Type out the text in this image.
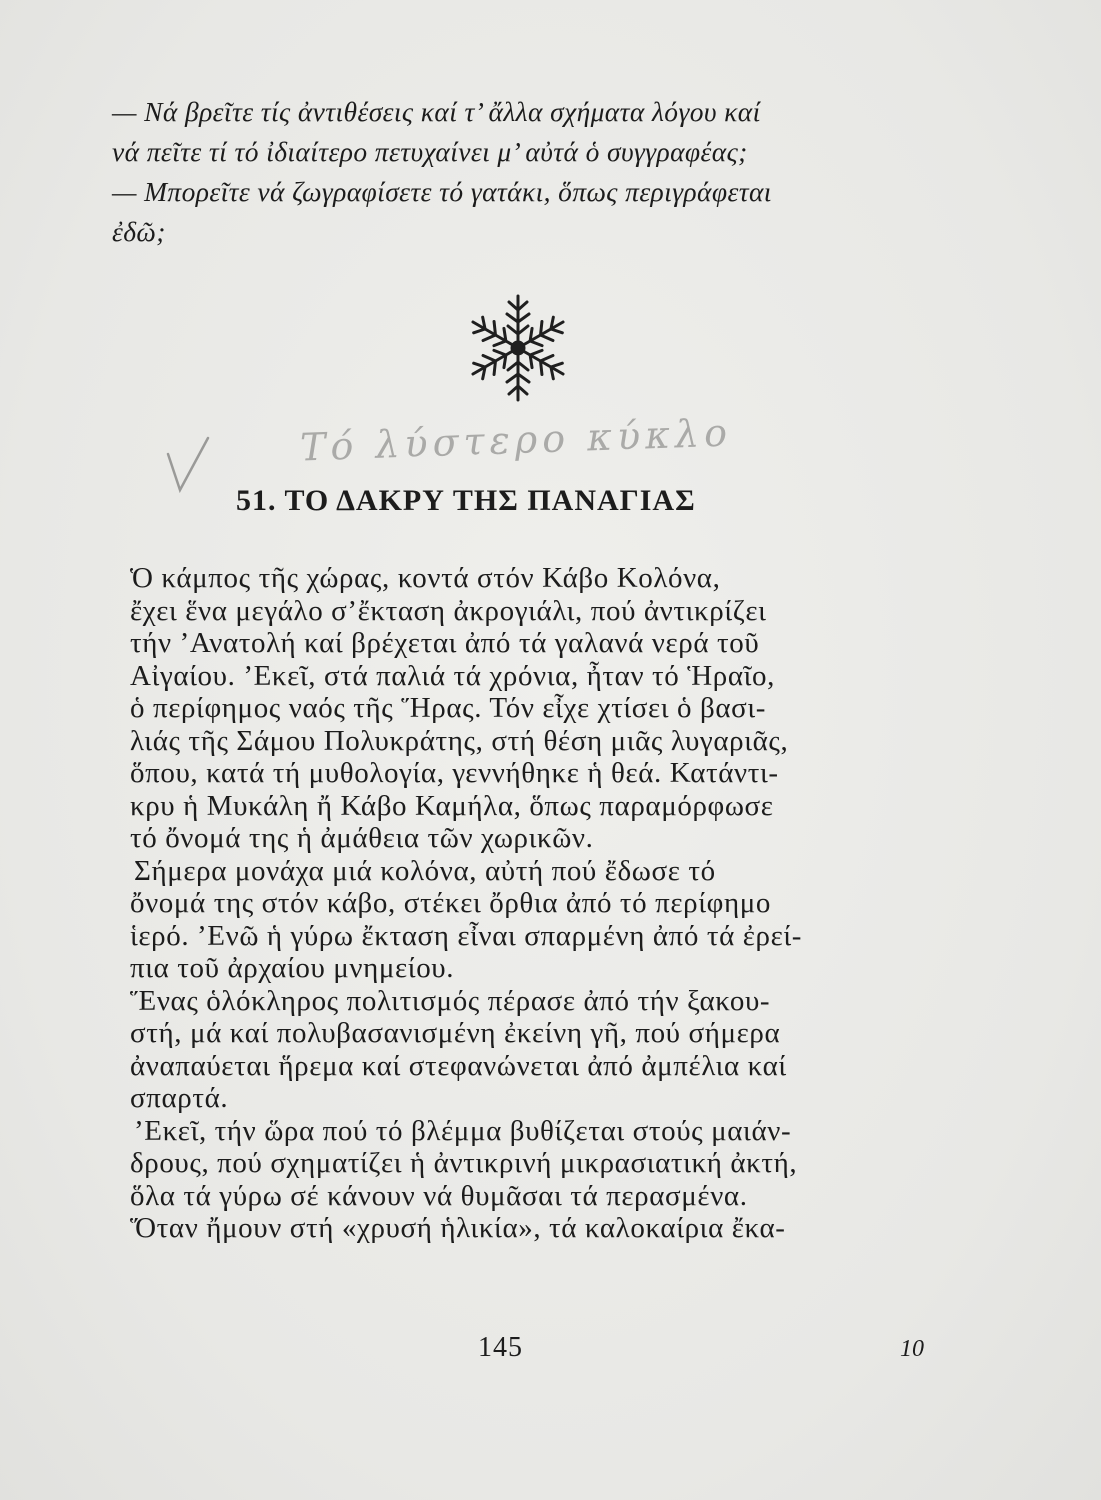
— Νά βρεῖτε τίς ἀντιθέσεις καί τ’ ἄλλα σχήματα λόγου καί

νά πεῖτε τί τό ἰδιαίτερο πετυχαίνει μ’ αὐτά ὁ συγγραφέας;

— Μπορεῖτε νά ζωγραφίσετε τό γατάκι, ὅπως περιγράφεται

ἐδῶ;

Τό λύστερο κύκλο
51. ΤΟ ΔΑΚΡΥ ΤΗΣ ΠΑΝΑΓΙΑΣ

Ὁ κάμπος τῆς χώρας, κοντά στόν Κάβο Κολόνα,

ἔχει ἕνα μεγάλο σ’ἔκταση ἀκρογιάλι, πού ἀντικρίζει

τήν ’Ανατολή καί βρέχεται ἀπό τά γαλανά νερά τοῦ

Αἰγαίου. ’Εκεῖ, στά παλιά τά χρόνια, ἦταν τό Ἡραῖο,

ὁ περίφημος ναός τῆς Ἥρας. Τόν εἶχε χτίσει ὁ βασι-

λιάς τῆς Σάμου Πολυκράτης, στή θέση μιᾶς λυγαριᾶς,

ὅπου, κατά τή μυθολογία, γεννήθηκε ἡ θεά. Κατάντι-

κρυ ἡ Μυκάλη ἤ Κάβο Καμήλα, ὅπως παραμόρφωσε

τό ὄνομά της ἡ ἀμάθεια τῶν χωρικῶν.

Σήμερα μονάχα μιά κολόνα, αὐτή πού ἔδωσε τό

ὄνομά της στόν κάβο, στέκει ὄρθια ἀπό τό περίφημο

ἱερό. ’Ενῶ ἡ γύρω ἔκταση εἶναι σπαρμένη ἀπό τά ἐρεί-

πια τοῦ ἀρχαίου μνημείου.

Ἕνας ὁλόκληρος πολιτισμός πέρασε ἀπό τήν ξακου-

στή, μά καί πολυβασανισμένη ἐκείνη γῆ, πού σήμερα

ἀναπαύεται ἥρεμα καί στεφανώνεται ἀπό ἀμπέλια καί

σπαρτά.

’Εκεῖ, τήν ὥρα πού τό βλέμμα βυθίζεται στούς μαιάν-

δρους, πού σχηματίζει ἡ ἀντικρινή μικρασιατική ἀκτή,

ὅλα τά γύρω σέ κάνουν νά θυμᾶσαι τά περασμένα.

Ὅταν ἤμουν στή «χρυσή ἡλικία», τά καλοκαίρια ἔκα-

145	10
